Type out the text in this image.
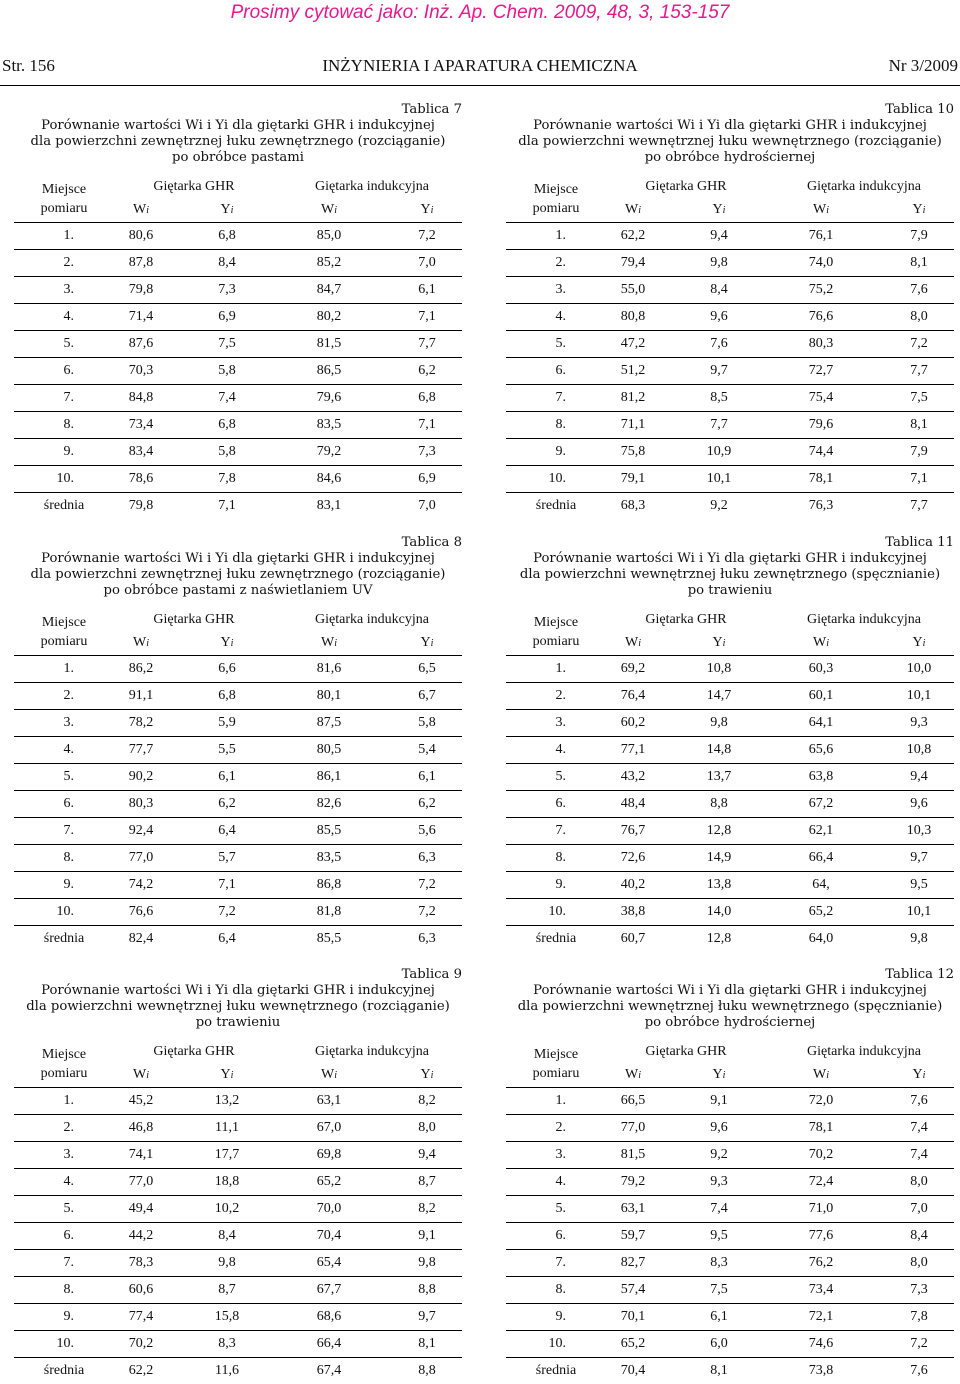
Prosimy cytować jako: Inż. Ap. Chem. 2009, 48, 3, 153-157
Str. 156	INŻYNIERIA I APARATURA CHEMICZNA	Nr 3/2009
Tablica 7
Porównanie wartości Wi i Yi dla giętarki GHR i indukcyjnej
dla powierzchni zewnętrznej łuku zewnętrznego (rozciąganie)
po obróbce pastami
Miejsce
pomiaru
Giętarka GHR	Giętarka indukcyjna
W i	Y i	W i	Y i
1.	80,6	6,8	85,0	7,2
2.	87,8	8,4	85,2	7,0
3.	79,8	7,3	84,7	6,1
4.	71,4	6,9	80,2	7,1
5.	87,6	7,5	81,5	7,7
6.	70,3	5,8	86,5	6,2
7.	84,8	7,4	79,6	6,8
8.	73,4	6,8	83,5	7,1
9.	83,4	5,8	79,2	7,3
10.	78,6	7,8	84,6	6,9
średnia	79,8	7,1	83,1	7,0
Tablica 10
Porównanie wartości Wi i Yi dla giętarki GHR i indukcyjnej
dla powierzchni wewnętrznej łuku wewnętrznego (rozciąganie)
po obróbce hydrościernej
Miejsce
pomiaru
Giętarka GHR	Giętarka indukcyjna
W i	Y i	W i	Y i
1.	62,2	9,4	76,1	7,9
2.	79,4	9,8	74,0	8,1
3.	55,0	8,4	75,2	7,6
4.	80,8	9,6	76,6	8,0
5.	47,2	7,6	80,3	7,2
6.	51,2	9,7	72,7	7,7
7.	81,2	8,5	75,4	7,5
8.	71,1	7,7	79,6	8,1
9.	75,8	10,9	74,4	7,9
10.	79,1	10,1	78,1	7,1
średnia	68,3	9,2	76,3	7,7
Tablica 8
Porównanie wartości Wi i Yi dla giętarki GHR i indukcyjnej
dla powierzchni zewnętrznej łuku zewnętrznego (rozciąganie)
po obróbce pastami z naświetlaniem UV
Miejsce
pomiaru
Giętarka GHR	Giętarka indukcyjna
W i	Y i	W i	Y i
1.	86,2	6,6	81,6	6,5
2.	91,1	6,8	80,1	6,7
3.	78,2	5,9	87,5	5,8
4.	77,7	5,5	80,5	5,4
5.	90,2	6,1	86,1	6,1
6.	80,3	6,2	82,6	6,2
7.	92,4	6,4	85,5	5,6
8.	77,0	5,7	83,5	6,3
9.	74,2	7,1	86,8	7,2
10.	76,6	7,2	81,8	7,2
średnia	82,4	6,4	85,5	6,3
Tablica 11
Porównanie wartości Wi i Yi dla giętarki GHR i indukcyjnej
dla powierzchni wewnętrznej łuku zewnętrznego (spęcznianie)
po trawieniu
Miejsce
pomiaru
Giętarka GHR	Giętarka indukcyjna
W i	Y i	W i	Y i
1.	69,2	10,8	60,3	10,0
2.	76,4	14,7	60,1	10,1
3.	60,2	9,8	64,1	9,3
4.	77,1	14,8	65,6	10,8
5.	43,2	13,7	63,8	9,4
6.	48,4	8,8	67,2	9,6
7.	76,7	12,8	62,1	10,3
8.	72,6	14,9	66,4	9,7
9.	40,2	13,8	64,	9,5
10.	38,8	14,0	65,2	10,1
średnia	60,7	12,8	64,0	9,8
Tablica 9
Porównanie wartości Wi i Yi dla giętarki GHR i indukcyjnej
dla powierzchni wewnętrznej łuku wewnętrznego (rozciąganie)
po trawieniu
Miejsce
pomiaru
Giętarka GHR	Giętarka indukcyjna
W i	Y i	W i	Y i
1.	45,2	13,2	63,1	8,2
2.	46,8	11,1	67,0	8,0
3.	74,1	17,7	69,8	9,4
4.	77,0	18,8	65,2	8,7
5.	49,4	10,2	70,0	8,2
6.	44,2	8,4	70,4	9,1
7.	78,3	9,8	65,4	9,8
8.	60,6	8,7	67,7	8,8
9.	77,4	15,8	68,6	9,7
10.	70,2	8,3	66,4	8,1
średnia	62,2	11,6	67,4	8,8
Tablica 12
Porównanie wartości Wi i Yi dla giętarki GHR i indukcyjnej
dla powierzchni wewnętrznej łuku wewnętrznego (spęcznianie)
po obróbce hydrościernej
Miejsce
pomiaru
Giętarka GHR	Giętarka indukcyjna
W i	Y i	W i	Y i
1.	66,5	9,1	72,0	7,6
2.	77,0	9,6	78,1	7,4
3.	81,5	9,2	70,2	7,4
4.	79,2	9,3	72,4	8,0
5.	63,1	7,4	71,0	7,0
6.	59,7	9,5	77,6	8,4
7.	82,7	8,3	76,2	8,0
8.	57,4	7,5	73,4	7,3
9.	70,1	6,1	72,1	7,8
10.	65,2	6,0	74,6	7,2
średnia	70,4	8,1	73,8	7,6
